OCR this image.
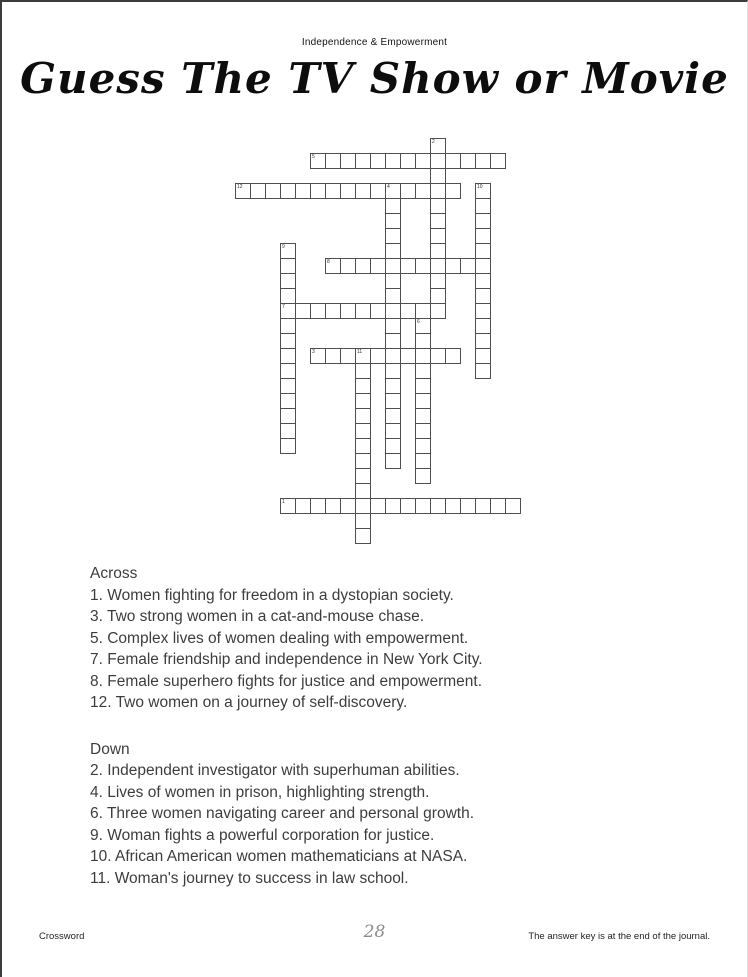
Independence & Empowerment
Guess The TV Show or Movie
1
3	11
5
7
8
12	4
2
6
9
10
Across
1. Women fighting for freedom in a dystopian society.
3. Two strong women in a cat-and-mouse chase.
5. Complex lives of women dealing with empowerment.
7. Female friendship and independence in New York City.
8. Female superhero fights for justice and empowerment.
12. Two women on a journey of self-discovery.
Down
2. Independent investigator with superhuman abilities.
4. Lives of women in prison, highlighting strength.
6. Three women navigating career and personal growth.
9. Woman fights a powerful corporation for justice.
10. African American women mathematicians at NASA.
11. Woman's journey to success in law school.
Crossword	28	The answer key is at the end of the journal.
